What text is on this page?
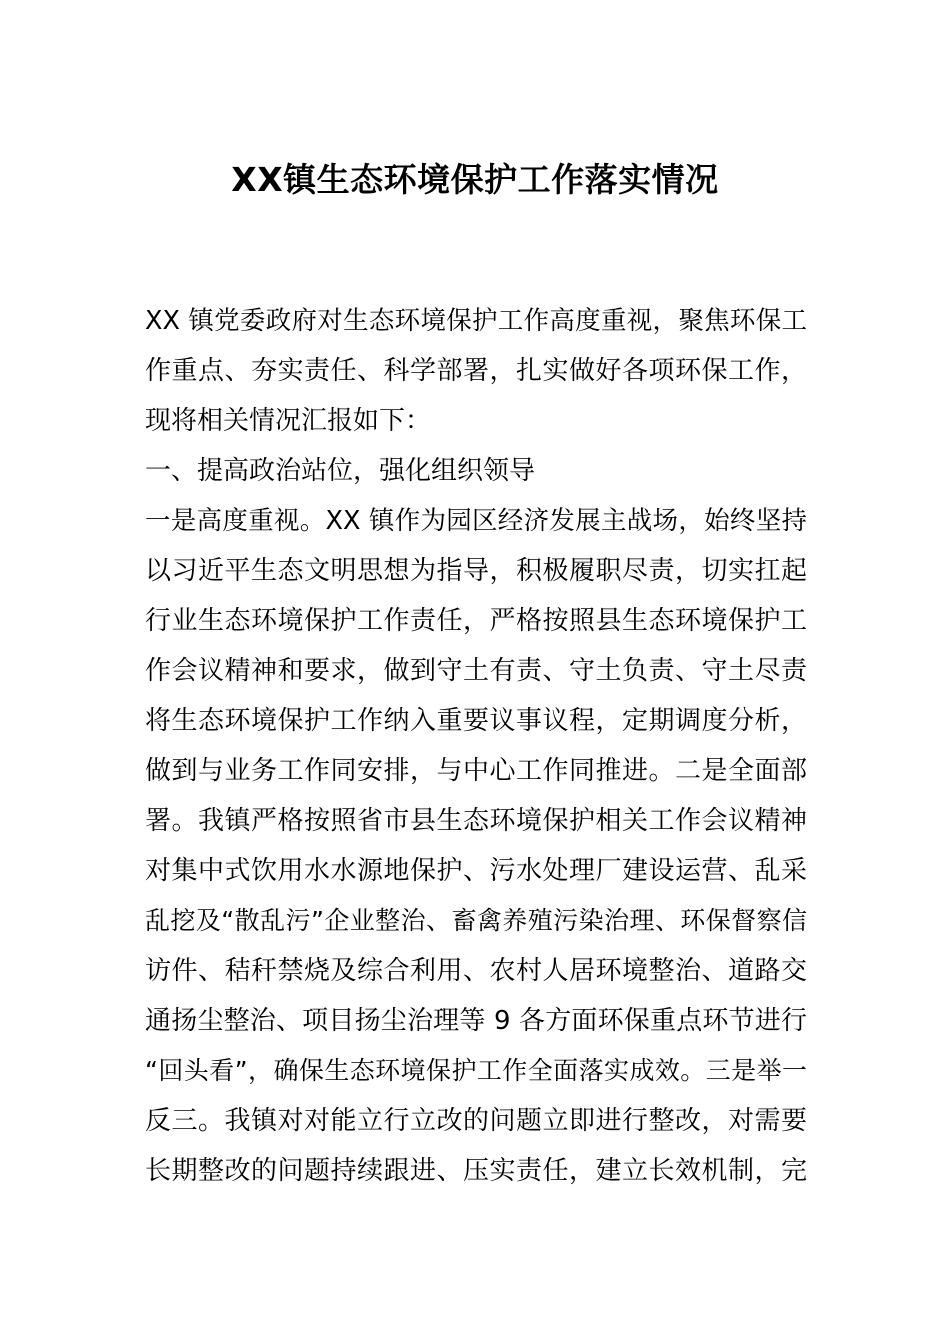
XX镇生态环境保护工作落实情况
XX 镇党委政府对生态环境保护工作高度重视，聚焦环保工
作重点、夯实责任、科学部署，扎实做好各项环保工作，
现将相关情况汇报如下：
一、提高政治站位，强化组织领导
一是高度重视。XX 镇作为园区经济发展主战场，始终坚持
以习近平生态文明思想为指导，积极履职尽责，切实扛起
行业生态环境保护工作责任，严格按照县生态环境保护工
作会议精神和要求，做到守土有责、守土负责、守土尽责
将生态环境保护工作纳入重要议事议程，定期调度分析，
做到与业务工作同安排，与中心工作同推进。二是全面部
署。我镇严格按照省市县生态环境保护相关工作会议精神
对集中式饮用水水源地保护、污水处理厂建设运营、乱采
乱挖及“散乱污”企业整治、畜禽养殖污染治理、环保督察信
访件、秸秆禁烧及综合利用、农村人居环境整治、道路交
通扬尘整治、项目扬尘治理等 9 各方面环保重点环节进行
“回头看”，确保生态环境保护工作全面落实成效。三是举一
反三。我镇对对能立行立改的问题立即进行整改，对需要
长期整改的问题持续跟进、压实责任，建立长效机制，完
